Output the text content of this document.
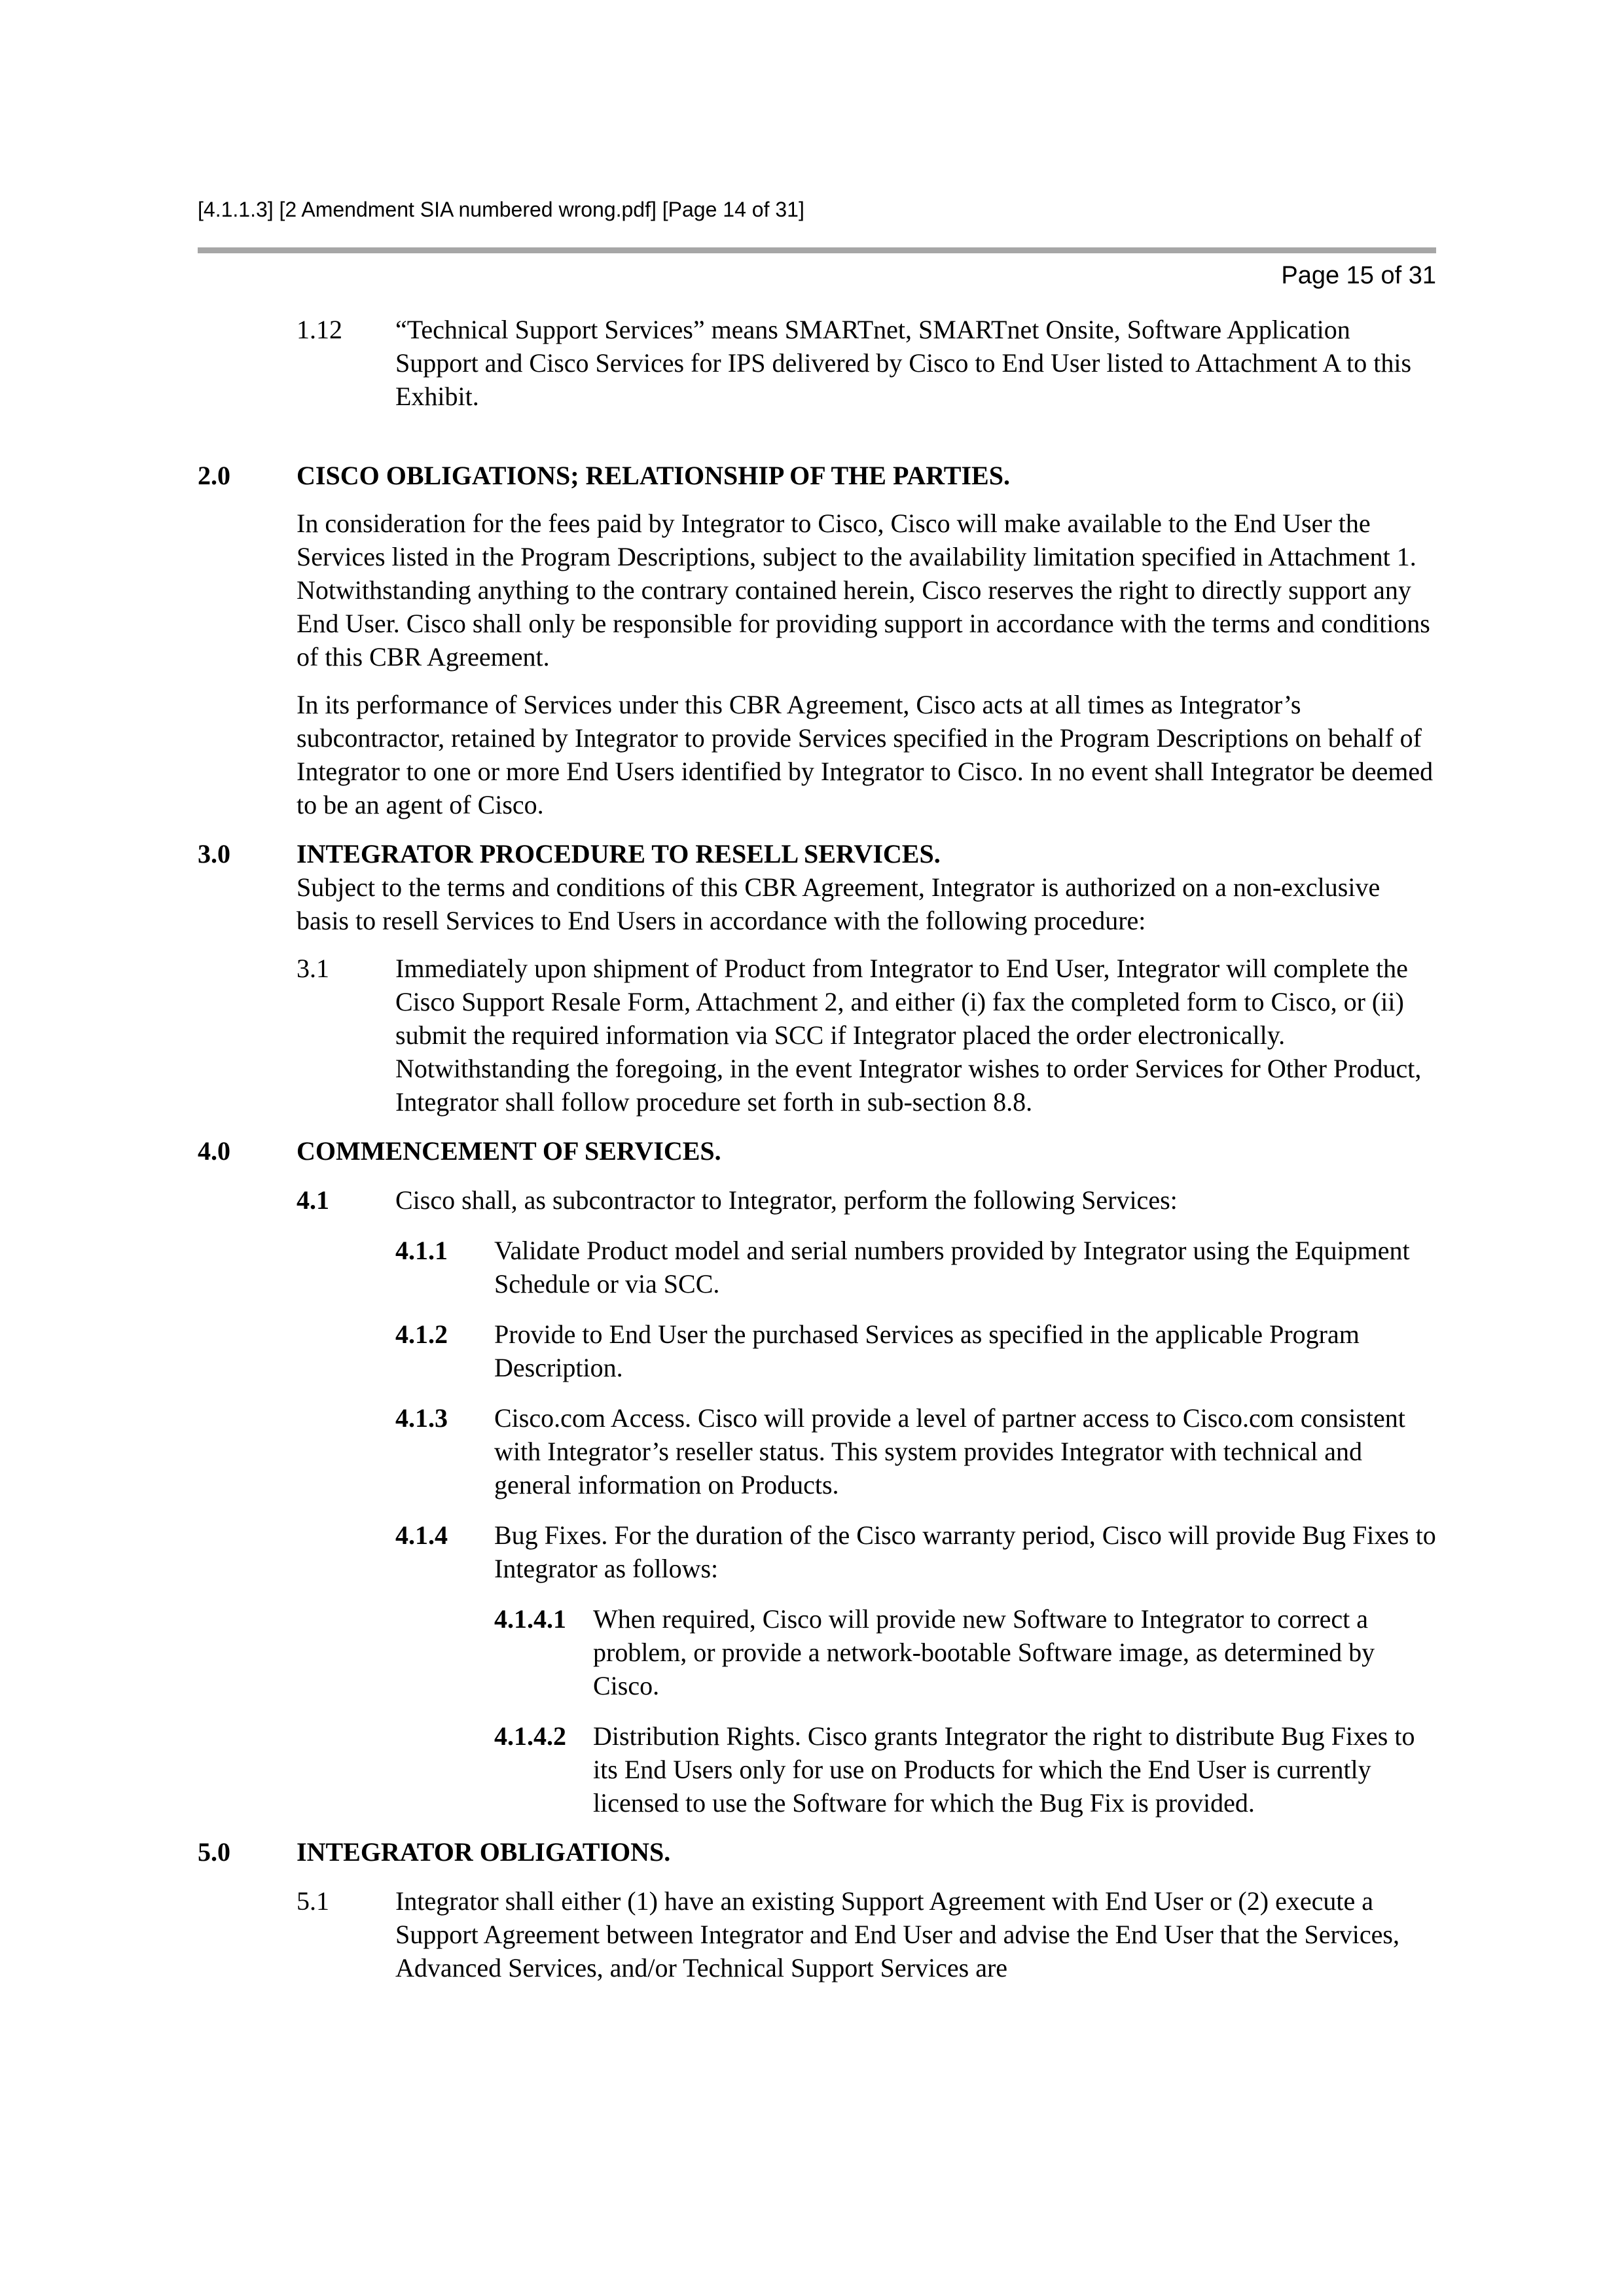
[4.1.1.3] [2 Amendment SIA numbered wrong.pdf] [Page 14 of 31]
Page 15 of 31
1.12	“Technical Support Services” means SMARTnet, SMARTnet Onsite, Software Application Support and Cisco Services for IPS delivered by Cisco to End User listed to Attachment A to this Exhibit.
2.0	CISCO OBLIGATIONS; RELATIONSHIP OF THE PARTIES.

In consideration for the fees paid by Integrator to Cisco, Cisco will make available to the End User the Services listed in the Program Descriptions, subject to the availability limitation specified in Attachment 1. Notwithstanding anything to the contrary contained herein, Cisco reserves the right to directly support any End User. Cisco shall only be responsible for providing support in accordance with the terms and conditions of this CBR Agreement.

In its performance of Services under this CBR Agreement, Cisco acts at all times as Integrator’s subcontractor, retained by Integrator to provide Services specified in the Program Descriptions on behalf of Integrator to one or more End Users identified by Integrator to Cisco. In no event shall Integrator be deemed to be an agent of Cisco.

3.0	INTEGRATOR PROCEDURE TO RESELL SERVICES.

Subject to the terms and conditions of this CBR Agreement, Integrator is authorized on a non-exclusive basis to resell Services to End Users in accordance with the following procedure:

3.1	Immediately upon shipment of Product from Integrator to End User, Integrator will complete the Cisco Support Resale Form, Attachment 2, and either (i) fax the completed form to Cisco, or (ii) submit the required information via SCC if Integrator placed the order electronically. Notwithstanding the foregoing, in the event Integrator wishes to order Services for Other Product, Integrator shall follow procedure set forth in sub-section 8.8.
4.0	COMMENCEMENT OF SERVICES.
4.1	Cisco shall, as subcontractor to Integrator, perform the following Services:
4.1.1	Validate Product model and serial numbers provided by Integrator using the Equipment Schedule or via SCC.
4.1.2	Provide to End User the purchased Services as specified in the applicable Program Description.
4.1.3	Cisco.com Access. Cisco will provide a level of partner access to Cisco.com consistent with Integrator’s reseller status. This system provides Integrator with technical and general information on Products.
4.1.4	Bug Fixes. For the duration of the Cisco warranty period, Cisco will provide Bug Fixes to Integrator as follows:
4.1.4.1	When required, Cisco will provide new Software to Integrator to correct a problem, or provide a network-bootable Software image, as determined by Cisco.
4.1.4.2	Distribution Rights. Cisco grants Integrator the right to distribute Bug Fixes to its End Users only for use on Products for which the End User is currently licensed to use the Software for which the Bug Fix is provided.
5.0	INTEGRATOR OBLIGATIONS.
5.1	Integrator shall either (1) have an existing Support Agreement with End User or (2) execute a Support Agreement between Integrator and End User and advise the End User that the Services, Advanced Services, and/or Technical Support Services are
